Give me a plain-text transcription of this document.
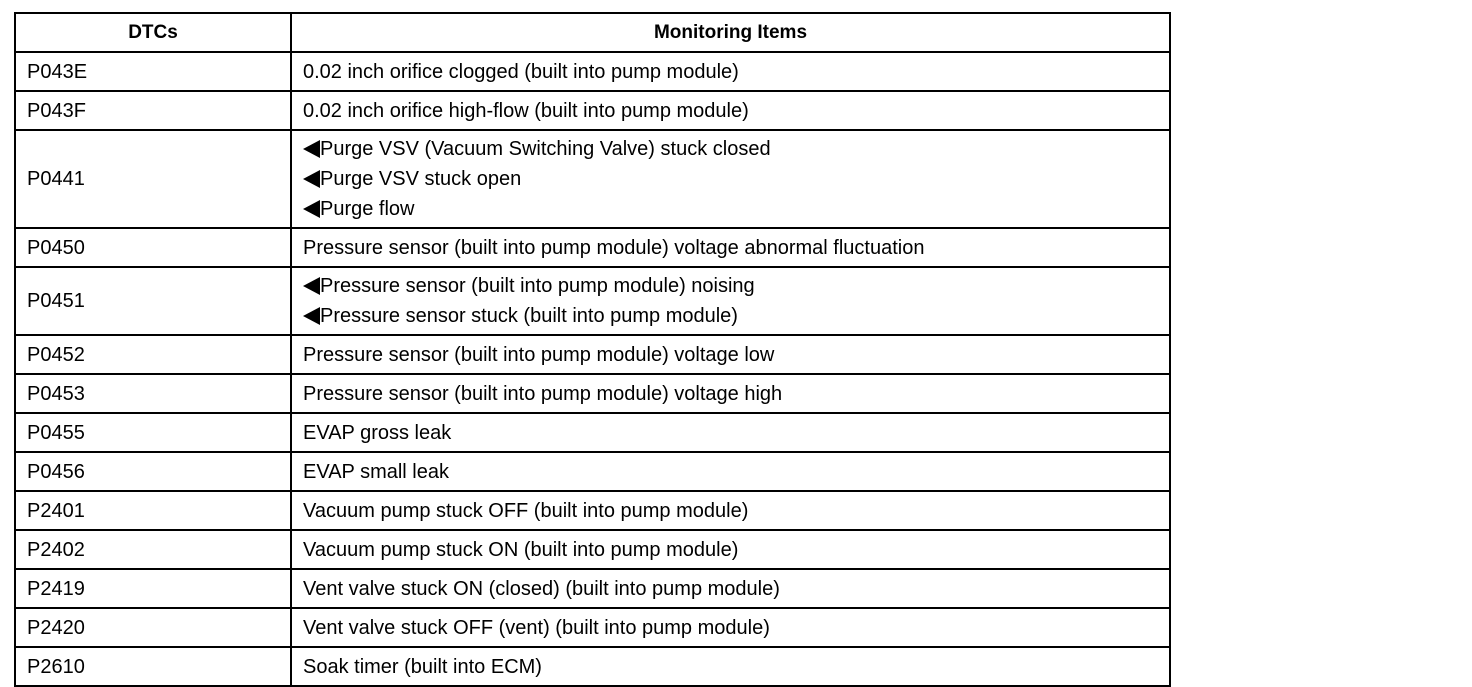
DTCs	Monitoring Items
P043E	0.02 inch orifice clogged (built into pump module)

P043F	0.02 inch orifice high-flow (built into pump module)

P0441	Purge VSV (Vacuum Switching Valve) stuck closed
Purge VSV stuck open
Purge flow

P0450	Pressure sensor (built into pump module) voltage abnormal fluctuation

P0451	Pressure sensor (built into pump module) noising
Pressure sensor stuck (built into pump module)

P0452	Pressure sensor (built into pump module) voltage low

P0453	Pressure sensor (built into pump module) voltage high

P0455	EVAP gross leak

P0456	EVAP small leak

P2401	Vacuum pump stuck OFF (built into pump module)

P2402	Vacuum pump stuck ON (built into pump module)

P2419	Vent valve stuck ON (closed) (built into pump module)

P2420	Vent valve stuck OFF (vent) (built into pump module)

P2610	Soak timer (built into ECM)
